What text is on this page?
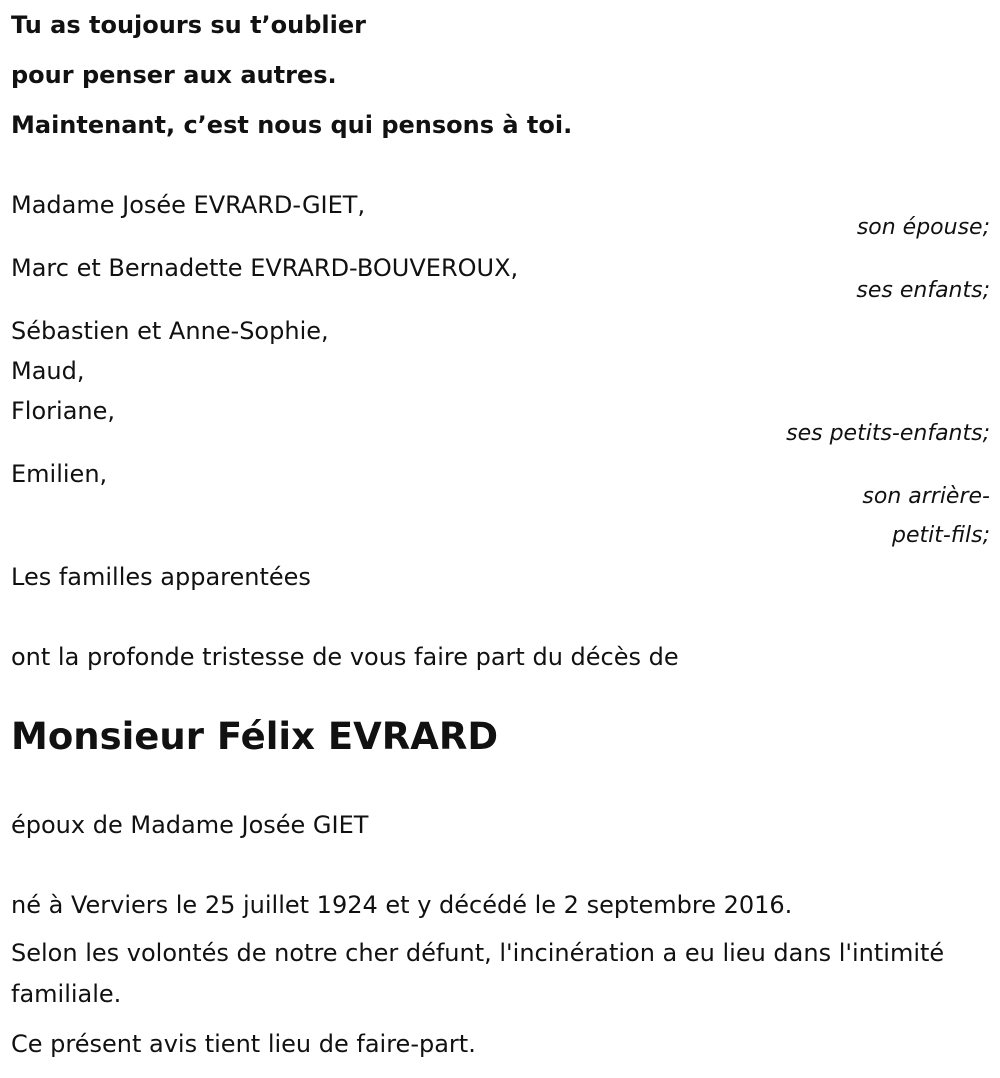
Tu as toujours su t’oublier
pour penser aux autres.
Maintenant, c’est nous qui pensons à toi.
Madame Josée EVRARD-GIET,
son épouse;
Marc et Bernadette EVRARD-BOUVEROUX,
ses enfants;
Sébastien et Anne-Sophie,
Maud,
Floriane,
ses petits-enfants;
Emilien,
son arrière-
petit-fils;
Les familles apparentées
ont la profonde tristesse de vous faire part du décès de
Monsieur Félix EVRARD
époux de Madame Josée GIET
né à Verviers le 25 juillet 1924 et y décédé le 2 septembre 2016.
Selon les volontés de notre cher défunt, l'incinération a eu lieu dans l'intimité familiale.
Ce présent avis tient lieu de faire-part.
